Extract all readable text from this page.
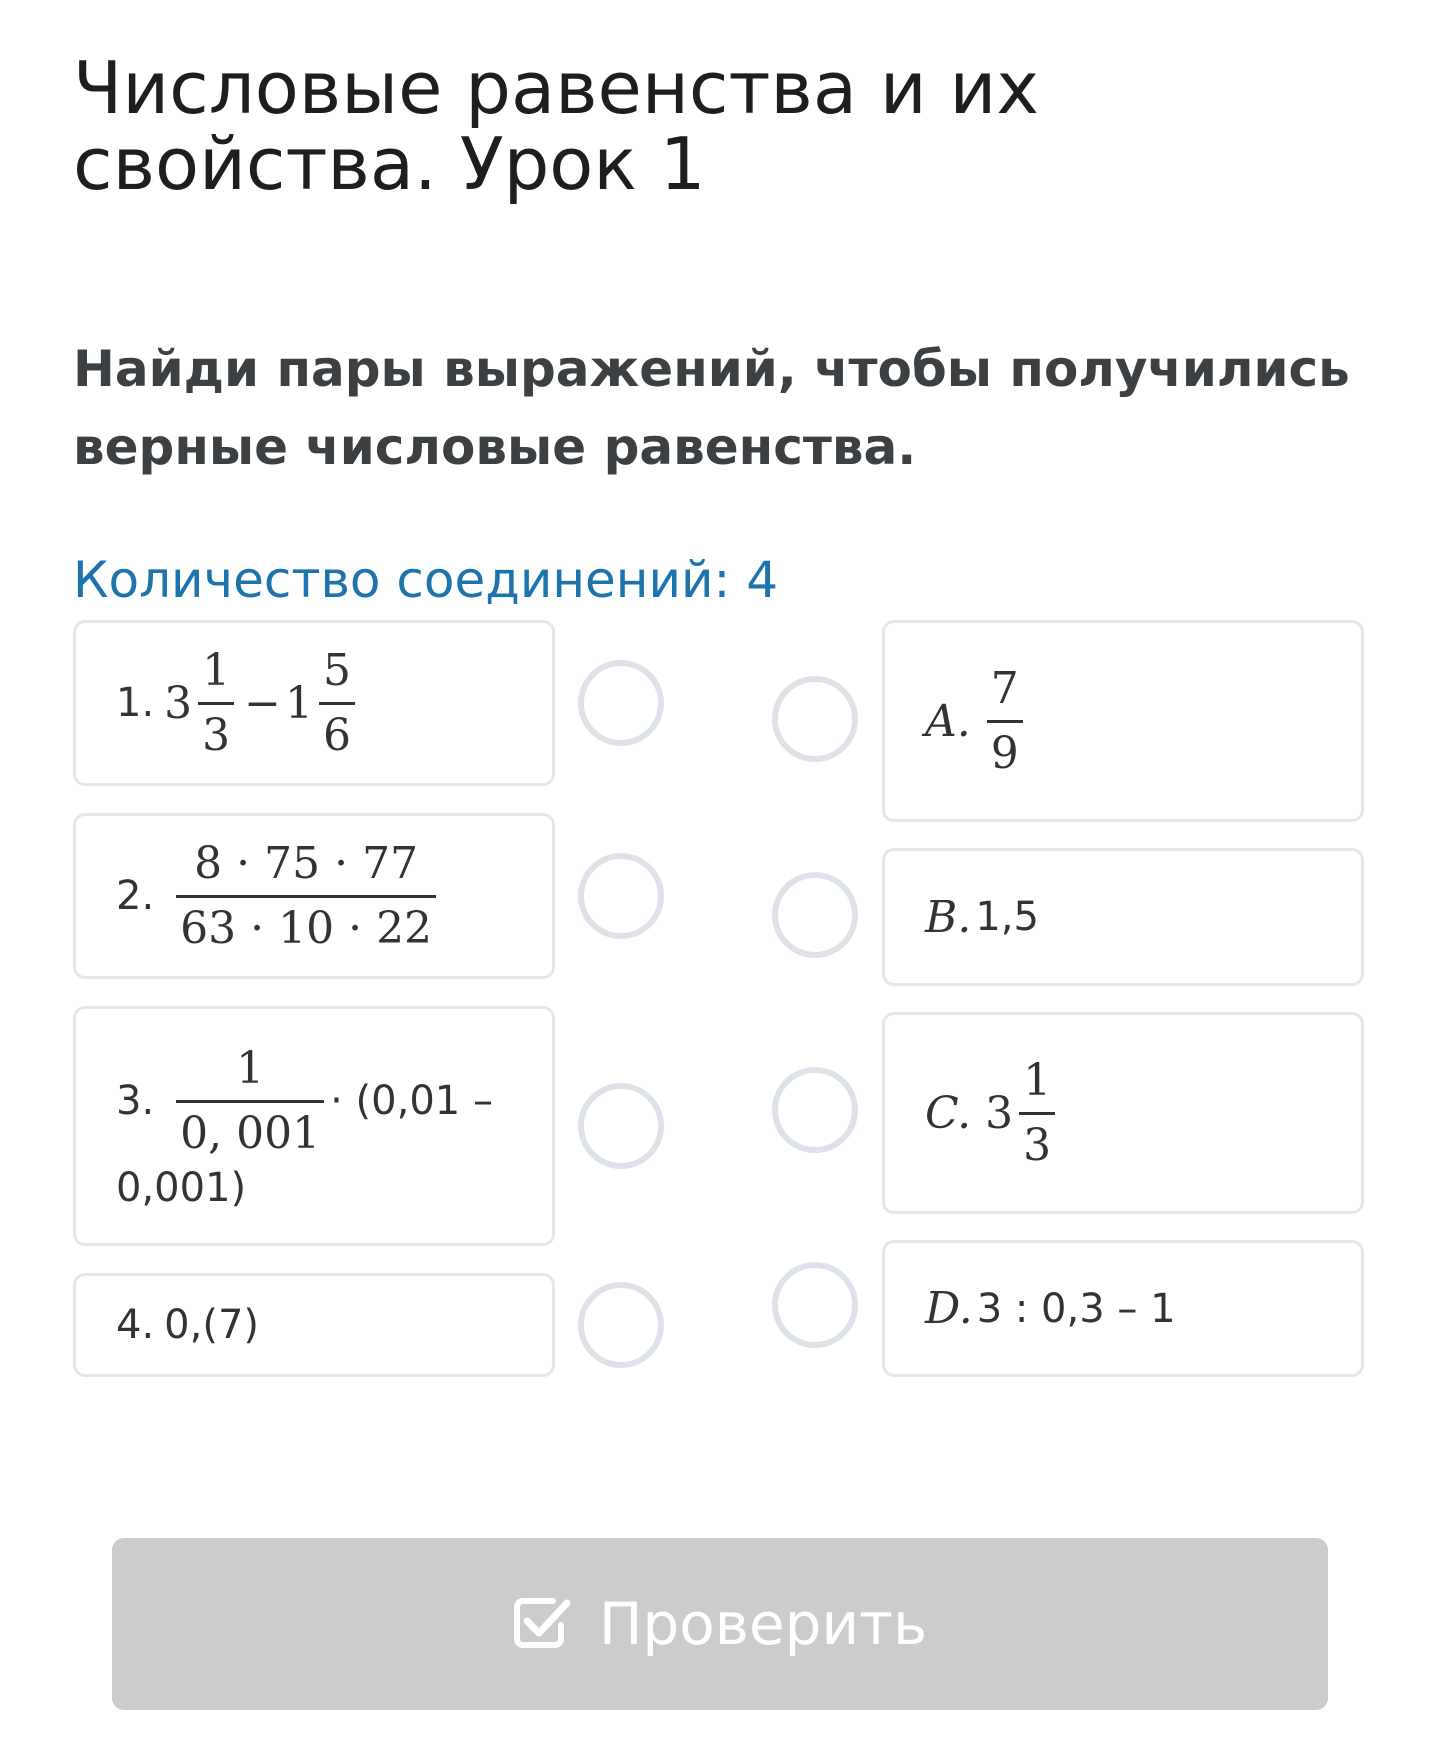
Числовые равенства и их свойства. Урок 1
Найди пары выражений, чтобы получились верные числовые равенства.
Количество соединений: 4
1. $3 \frac{1}{3} - 1 \frac{5}{6}$
2. $\frac{8 \cdot 75 \cdot 77}{63 \cdot 10 \cdot 22}$
3. $\frac{1}{0, 001} \cdot (0,01$ –
0,001)
4. 0,(7)
A. $\frac{7}{9}$
B. 1,5
C. $3 \frac{1}{3}$
D. 3 : 0,3 – 1
Проверить
